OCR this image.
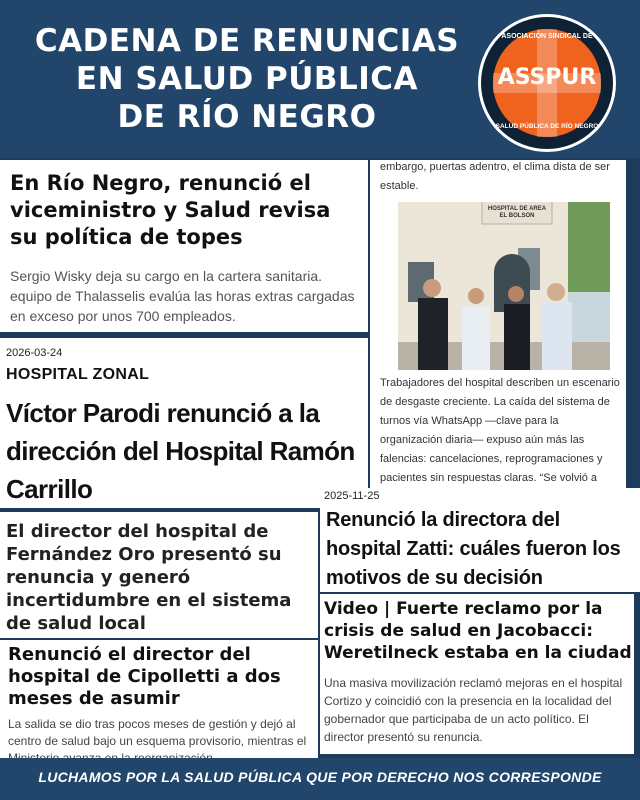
CADENA DE RENUNCIAS
EN SALUD PÚBLICA
DE RÍO NEGRO
ASOCIACIÓN SINDICAL DE
ASSPUR
SALUD PÚBLICA DE RÍO NEGRO
En Río Negro, renunció el viceministro y Salud revisa su política de topes

Sergio Wisky deja su cargo en la cartera sanitaria. equipo de Thalasselis evalúa las horas extras cargadas en exceso por unos 700 empleados.

2026-03-24
HOSPITAL ZONAL
Víctor Parodi renunció a la dirección del Hospital Ramón Carrillo
El director del hospital de Fernández Oro presentó su renuncia y generó incertidumbre en el sistema de salud local
Renunció el director del hospital de Cipolletti a dos meses de asumir

La salida se dio tras pocos meses de gestión y dejó al centro de salud bajo un esquema provisorio, mientras el

embargo, puertas adentro, el clima dista de ser estable.

HOSPITAL DE AREA EL BOLSON

Trabajadores del hospital describen un escenario de desgaste creciente. La caída del sistema de turnos vía WhatsApp —clave para la organización diaria— expuso aún más las falencias: cancelaciones, reprogramaciones y pacientes sin respuestas claras. “Se volvió a

2025-11-25
Renunció la directora del hospital Zatti: cuáles fueron los motivos de su decisión
Video | Fuerte reclamo por la crisis de salud en Jacobacci: Weretilneck estaba en la ciudad

Una masiva movilización reclamó mejoras en el hospital Cortizo y coincidió con la presencia en la localidad del gobernador que participaba de un acto político. El director presentó su renuncia.

LUCHAMOS POR LA SALUD PÚBLICA QUE POR DERECHO NOS CORRESPONDE
